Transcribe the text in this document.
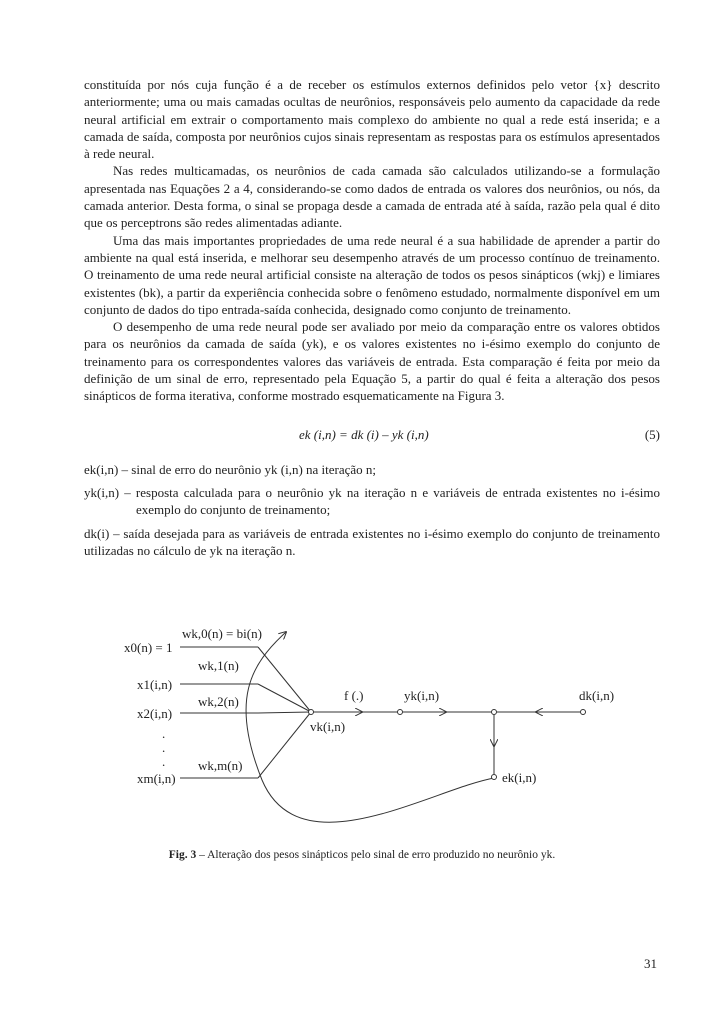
constituída por nós cuja função é a de receber os estímulos externos definidos pelo vetor {x} descrito anteriormente; uma ou mais camadas ocultas de neurônios, responsáveis pelo aumento da capacidade da rede neural artificial em extrair o comportamento mais complexo do ambiente no qual a rede está inserida; e a camada de saída, composta por neurônios cujos sinais representam as respostas para os estímulos apresentados à rede neural.

Nas redes multicamadas, os neurônios de cada camada são calculados utilizando-se a formulação apresentada nas Equações 2 a 4, considerando-se como dados de entrada os valores dos neurônios, ou nós, da camada anterior. Desta forma, o sinal se propaga desde a camada de entrada até à saída, razão pela qual é dito que os perceptrons são redes alimentadas adiante.

Uma das mais importantes propriedades de uma rede neural é a sua habilidade de aprender a partir do ambiente na qual está inserida, e melhorar seu desempenho através de um processo contínuo de treinamento. O treinamento de uma rede neural artificial consiste na alteração de todos os pesos sinápticos (wkj) e limiares existentes (bk), a partir da experiência conhecida sobre o fenômeno estudado, normalmente disponível em um conjunto de dados do tipo entrada-saída conhecida, designado como conjunto de treinamento.

O desempenho de uma rede neural pode ser avaliado por meio da comparação entre os valores obtidos para os neurônios da camada de saída (yk), e os valores existentes no i-ésimo exemplo do conjunto de treinamento para os correspondentes valores das variáveis de entrada. Esta comparação é feita por meio da definição de um sinal de erro, representado pela Equação 5, a partir do qual é feita a alteração dos pesos sinápticos de forma iterativa, conforme mostrado esquematicamente na Figura 3.

ek (i,n) = dk (i) – yk (i,n)	(5)

ek(i,n) – sinal de erro do neurônio yk (i,n) na iteração n;

yk(i,n) – resposta calculada para o neurônio yk na iteração n e variáveis de entrada existentes no i-ésimo exemplo do conjunto de treinamento;

dk(i) – saída desejada para as variáveis de entrada existentes no i-ésimo exemplo do conjunto de treinamento utilizadas no cálculo de yk na iteração n.

x0(n) = 1
x1(i,n)
x2(i,n)
.
.
.
xm(i,n)
wk,0(n) = bi(n)
wk,1(n)
wk,2(n)
wk,m(n)
f (.)
vk(i,n)
yk(i,n)	dk(i,n)
ek(i,n)
Fig. 3 – Alteração dos pesos sinápticos pelo sinal de erro produzido no neurônio yk.
31
